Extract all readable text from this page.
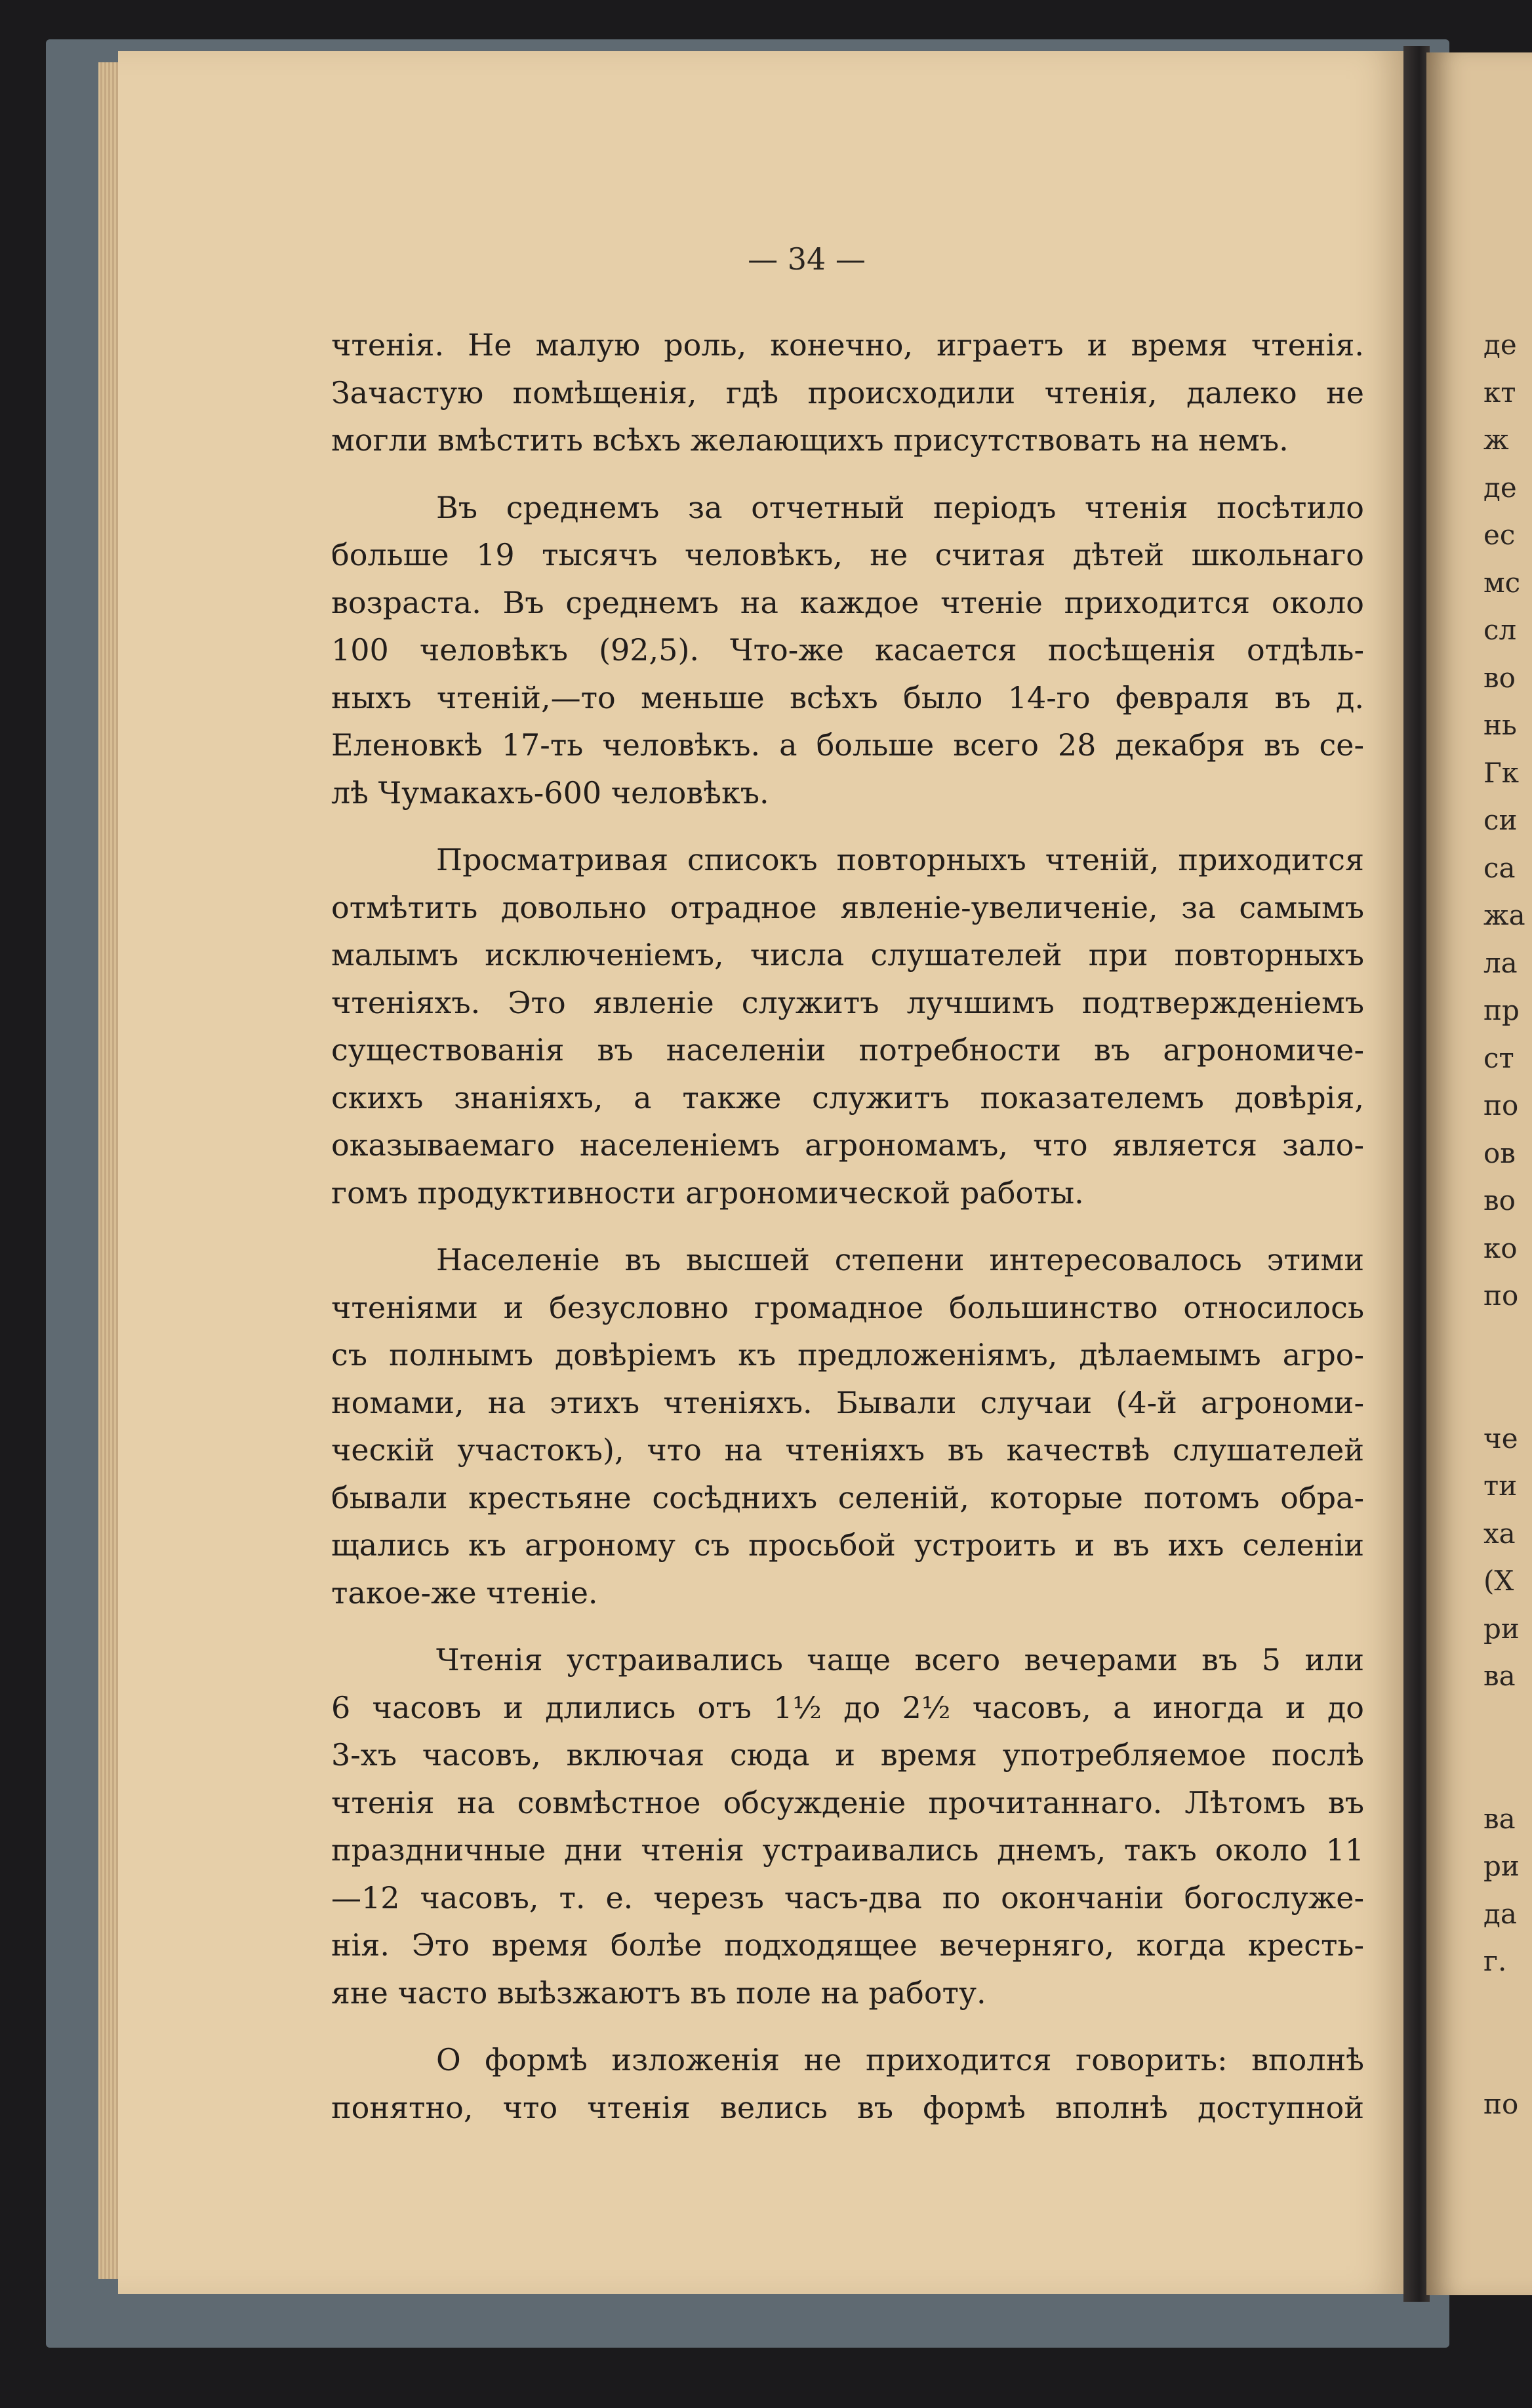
— 34 —
чтенія. Не малую роль, конечно, играетъ и время чтенія.
Зачастую помѣщенія, гдѣ происходили чтенія, далеко не
могли вмѣстить всѣхъ желающихъ присутствовать на немъ.
Въ среднемъ за отчетный періодъ чтенія посѣтило
больше 19 тысячъ человѣкъ, не считая дѣтей школьнаго
возраста. Въ среднемъ на каждое чтеніе приходится около
100 человѣкъ (92,5). Что-же касается посѣщенія отдѣль-
ныхъ чтеній,—то меньше всѣхъ было 14-го февраля въ д.
Еленовкѣ 17-ть человѣкъ. а больше всего 28 декабря въ се-
лѣ Чумакахъ-600 человѣкъ.
Просматривая списокъ повторныхъ чтеній, приходится
отмѣтить довольно отрадное явленіе-увеличеніе, за самымъ
малымъ исключеніемъ, числа слушателей при повторныхъ
чтеніяхъ. Это явленіе служитъ лучшимъ подтвержденіемъ
существованія въ населеніи потребности въ агрономиче-
скихъ знаніяхъ, а также служитъ показателемъ довѣрія,
оказываемаго населеніемъ агрономамъ, что является зало-
гомъ продуктивности агрономической работы.
Населеніе въ высшей степени интересовалось этими
чтеніями и безусловно громадное большинство относилось
съ полнымъ довѣріемъ къ предложеніямъ, дѣлаемымъ агро-
номами, на этихъ чтеніяхъ. Бывали случаи (4-й агрономи-
ческій участокъ), что на чтеніяхъ въ качествѣ слушателей
бывали крестьяне сосѣднихъ селеній, которые потомъ обра-
щались къ агроному съ просьбой устроить и въ ихъ селеніи
такое-же чтеніе.
Чтенія устраивались чаще всего вечерами въ 5 или
6 часовъ и длились отъ 1½ до 2½ часовъ, а иногда и до
3-хъ часовъ, включая сюда и время употребляемое послѣ
чтенія на совмѣстное обсужденіе прочитаннаго. Лѣтомъ въ
праздничные дни чтенія устраивались днемъ, такъ около 11
—12 часовъ, т. е. черезъ часъ-два по окончаніи богослуже-
нія. Это время болѣе подходящее вечерняго, когда кресть-
яне часто выѣзжаютъ въ поле на работу.
О формѣ изложенія не приходится говорить: вполнѣ
понятно, что чтенія велись въ формѣ вполнѣ доступной
де
кт
ж
де
ес
мс
сл
во
нь
Гк
си
са
жа
ла
пр
ст
по
ов
во
ко
по
че
ти
ха
(Х
ри
ва
ва
ри
да
г.
по
